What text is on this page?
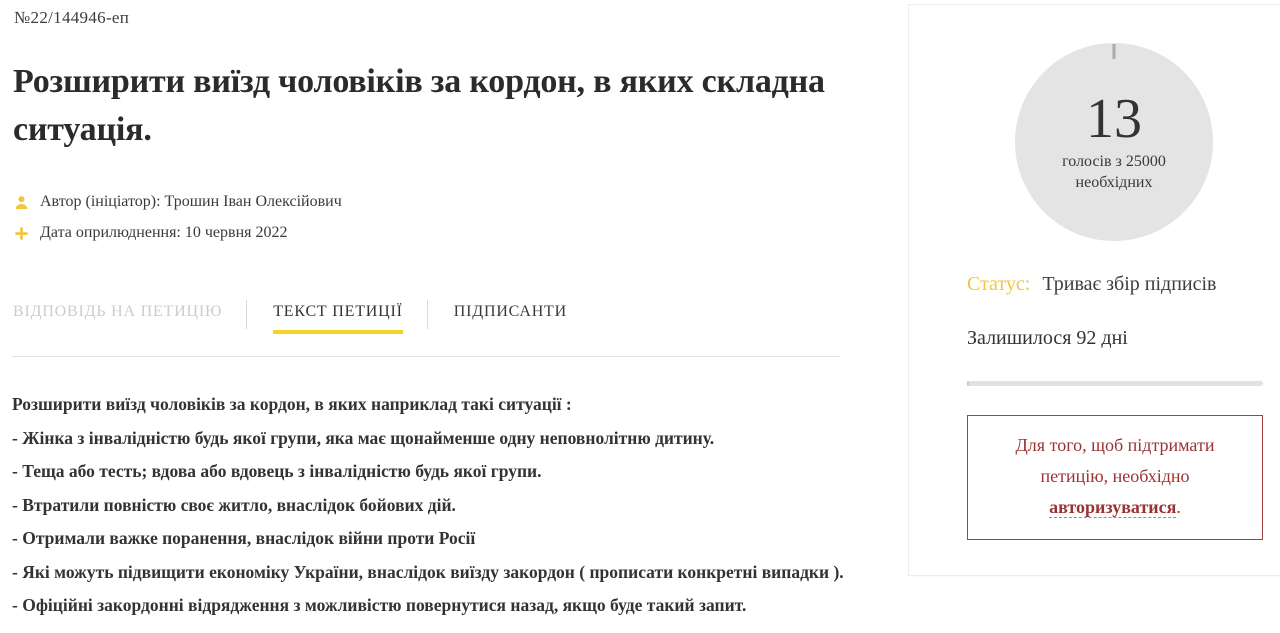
№22/144946-еп
Розширити виїзд чоловіків за кордон, в яких складна ситуація.
Автор (ініціатор): Трошин Іван Олексійович
Дата оприлюднення: 10 червня 2022
ВІДПОВІДЬ НА ПЕТИЦІЮ	ТЕКСТ ПЕТИЦІЇ	ПІДПИСАНТИ

Розширити виїзд чоловіків за кордон, в яких наприклад такі ситуації :

- Жінка з інвалідністю будь якої групи, яка має щонайменше одну неповнолітню дитину.

- Теща або тесть; вдова або вдовець з інвалідністю будь якої групи.

- Втратили повністю своє житло, внаслідок бойових дій.

- Отримали важке поранення, внаслідок війни проти Росії

- Які можуть підвищити економіку України, внаслідок виїзду закордон ( прописати конкретні випадки ).

- Офіційні закордонні відрядження з можливістю повернутися назад, якщо буде такий запит.

13
голосів з 25000
необхідних
Статус: Триває збір підписів
Залишилося 92 дні
Для того, щоб підтримати
петицію, необхідно
авторизуватися.
